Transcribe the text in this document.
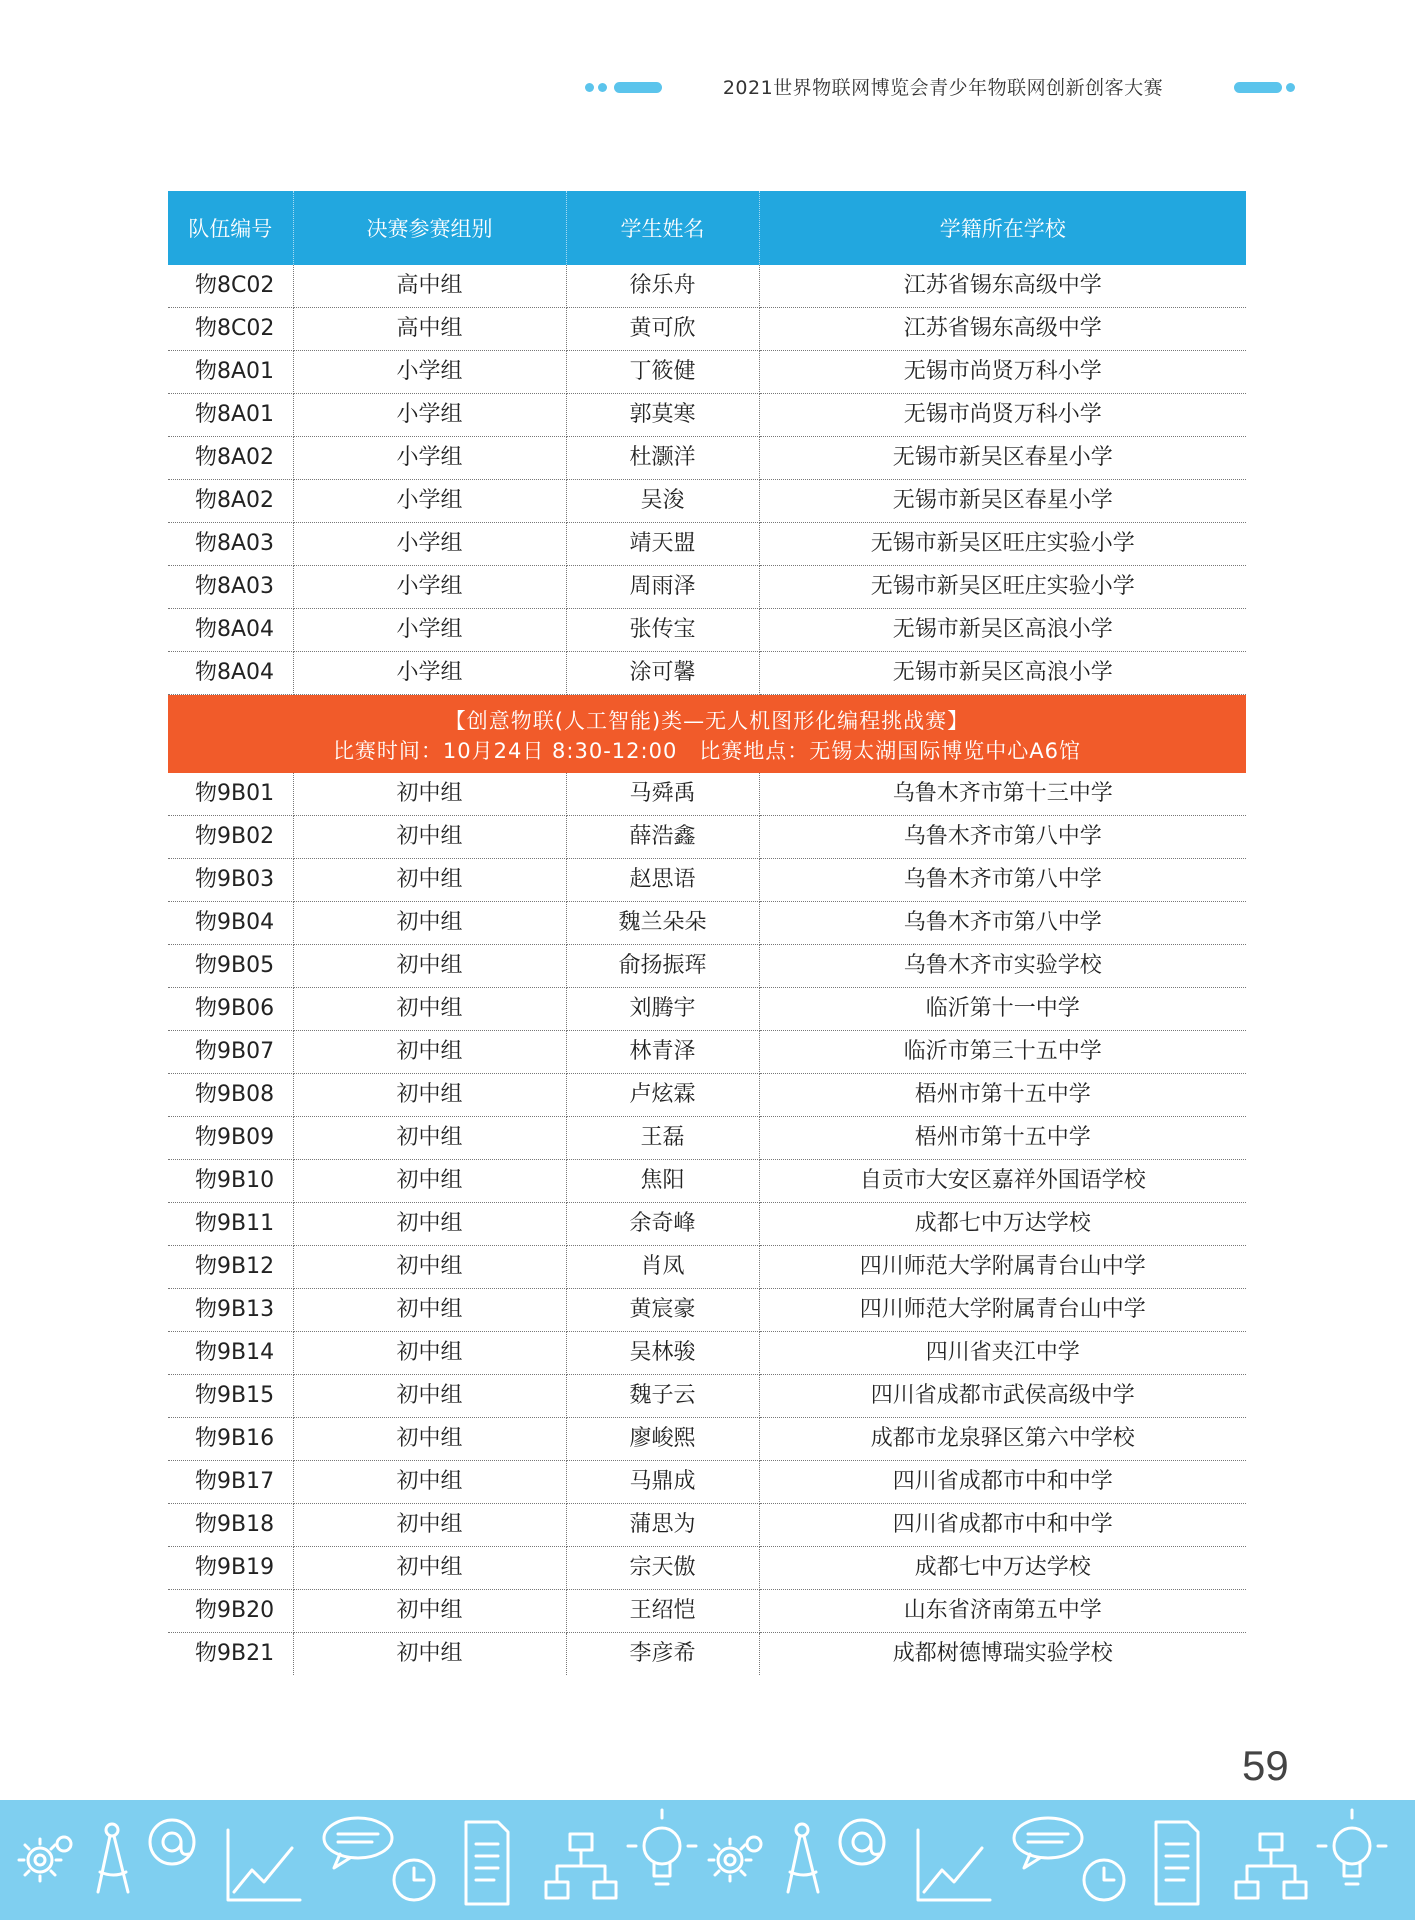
2021世界物联网博览会青少年物联网创新创客大赛
队伍编号	决赛参赛组别	学生姓名	学籍所在学校
物8C02	高中组	徐乐舟	江苏省锡东高级中学
物8C02	高中组	黄可欣	江苏省锡东高级中学
物8A01	小学组	丁筱健	无锡市尚贤万科小学
物8A01	小学组	郭莫寒	无锡市尚贤万科小学
物8A02	小学组	杜灏洋	无锡市新吴区春星小学
物8A02	小学组	吴浚	无锡市新吴区春星小学
物8A03	小学组	靖天盟	无锡市新吴区旺庄实验小学
物8A03	小学组	周雨泽	无锡市新吴区旺庄实验小学
物8A04	小学组	张传宝	无锡市新吴区高浪小学
物8A04	小学组	涂可馨	无锡市新吴区高浪小学

【创意物联(人工智能)类—无人机图形化编程挑战赛】
比赛时间：10月24日 8:30-12:00　比赛地点：无锡太湖国际博览中心A6馆			

物9B01	初中组	马舜禹	乌鲁木齐市第十三中学
物9B02	初中组	薛浩鑫	乌鲁木齐市第八中学
物9B03	初中组	赵思语	乌鲁木齐市第八中学
物9B04	初中组	魏兰朵朵	乌鲁木齐市第八中学
物9B05	初中组	俞扬振珲	乌鲁木齐市实验学校
物9B06	初中组	刘腾宇	临沂第十一中学
物9B07	初中组	林青泽	临沂市第三十五中学
物9B08	初中组	卢炫霖	梧州市第十五中学
物9B09	初中组	王磊	梧州市第十五中学
物9B10	初中组	焦阳	自贡市大安区嘉祥外国语学校
物9B11	初中组	余奇峰	成都七中万达学校
物9B12	初中组	肖凤	四川师范大学附属青台山中学
物9B13	初中组	黄宸豪	四川师范大学附属青台山中学
物9B14	初中组	吴林骏	四川省夹江中学
物9B15	初中组	魏子云	四川省成都市武侯高级中学
物9B16	初中组	廖峻熙	成都市龙泉驿区第六中学校
物9B17	初中组	马鼎成	四川省成都市中和中学
物9B18	初中组	蒲思为	四川省成都市中和中学
物9B19	初中组	宗天傲	成都七中万达学校
物9B20	初中组	王绍恺	山东省济南第五中学
物9B21	初中组	李彦希	成都树德博瑞实验学校
59
